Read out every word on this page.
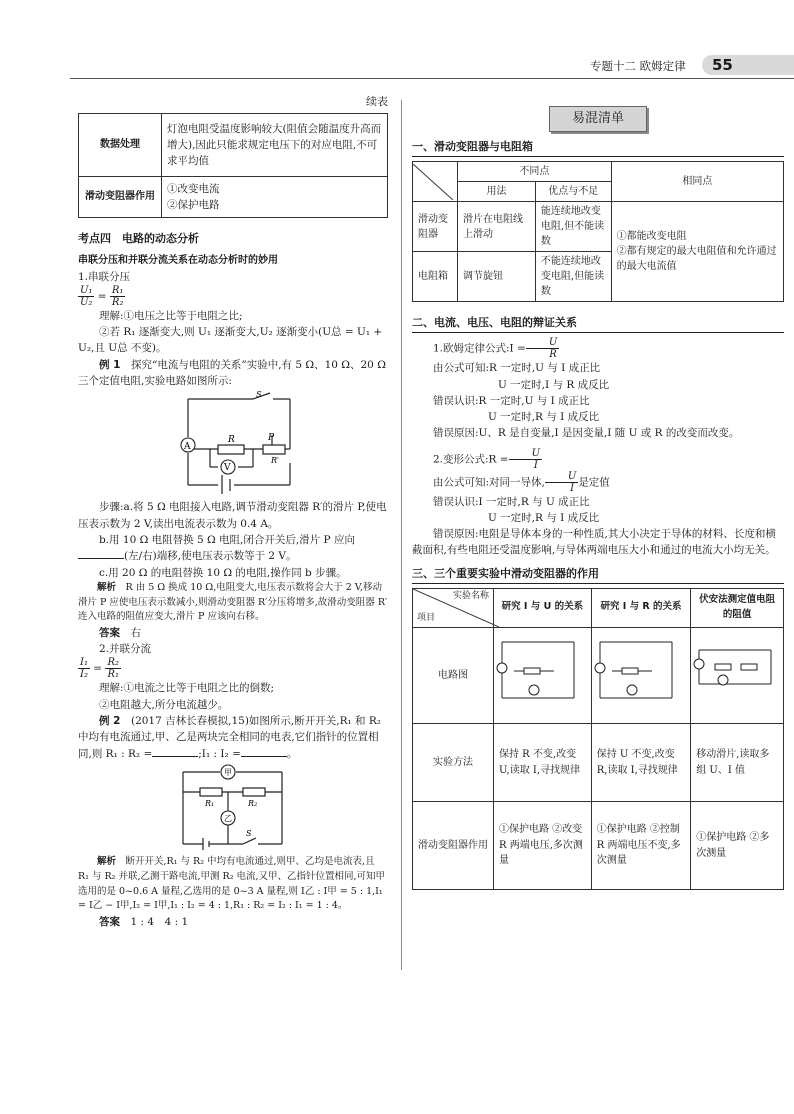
专题十二 欧姆定律	55

续表

数据处理	灯泡电阻受温度影响较大(阻值会随温度升高而增大),因此只能求规定电压下的对应电阻,不可求平均值
滑动变阻器作用	①改变电流
②保护电路

考点四　电路的动态分析

串联分压和并联分流关系在动态分析时的妙用

1.串联分压

$\frac{\text{U₁}}{\text{U₂}} = \frac{\text{R₁}}{\text{R₂}}$

理解:①电压之比等于电阻之比;

②若 R₁ 逐渐变大,则 U₁ 逐渐变大,U₂ 逐渐变小(U总 = U₁ + U₂,且 U总 不变)。

例 1　 探究“电流与电阻的关系”实验中,有 5 Ω、10 Ω、20 Ω 三个定值电阻,实验电路如图所示:

A
V
R	P
R′
S

步骤:a.将 5 Ω 电阻接入电路,调节滑动变阻器 R′的滑片 P,使电压表示数为 2 V,读出电流表示数为 0.4 A。

b.用 10 Ω 电阻替换 5 Ω 电阻,闭合开关后,滑片 P 应向

(左/右)端移,使电压表示数等于 2 V。

c.用 20 Ω 的电阻替换 10 Ω 的电阻,操作同 b 步骤。

解析　 R 由 5 Ω 换成 10 Ω,电阻变大,电压表示数将会大于 2 V,移动滑片 P 应使电压表示数减小,则滑动变阻器 R′分压将增多,故滑动变阻器 R′连入电路的阻值应变大,滑片 P 应该向右移。

答案　 右

2.并联分流

$\frac{\text{I₁}}{\text{I₂}} = \frac{\text{R₂}}{\text{R₁}}$

理解:①电流之比等于电阻之比的倒数;

②电阻越大,所分电流越少。

例 2　 (2017 吉林长春模拟,15)如图所示,断开开关,R₁ 和 R₂ 中均有电流通过,甲、乙是两块完全相同的电表,它们指针的位置相同,则 R₁ : R₂ =	;I₁ : I₂ =	。

甲
乙
R₁	R₂
S

解析　 断开开关,R₁ 与 R₂ 中均有电流通过,则甲、乙均是电流表,且 R₁ 与 R₂ 并联,乙测干路电流,甲测 R₂ 电流,又甲、乙指针位置相同,可知甲选用的是 0~0.6 A 量程,乙选用的是 0~3 A 量程,则 I乙 : I甲 = 5 : 1,I₁ = I乙 − I甲,I₂ = I甲,I₁ : I₂ = 4 : 1,R₁ : R₂ = I₂ : I₁ = 1 : 4。

答案　 1 : 4　4 : 1

易混清单

一、滑动变阻器与电阻箱

	不同点		相同点
	用法	优点与不足	
滑动变阻器	滑片在电阻线上滑动	能连续地改变电阻,但不能读数	①都能改变电阻
②都有规定的最大电阻值和允许通过的最大电流值

电阻箱	调节旋钮	不能连续地改变电阻,但能读数	

二、电流、电压、电阻的辩证关系

1.欧姆定律公式:I = $\frac{U}{R}$

由公式可知:R 一定时,U 与 I 成正比

U 一定时,I 与 R 成反比

错误认识:R 一定时,U 与 I 成正比

U 一定时,R 与 I 成反比

错误原因:U、R 是自变量,I 是因变量,I 随 U 或 R 的改变而改变。

2.变形公式:R = $\frac{U}{I}$

由公式可知:对同一导体, $\frac{U}{I}$ 是定值

错误认识:I 一定时,R 与 U 成正比

U 一定时,R 与 I 成反比

错误原因:电阻是导体本身的一种性质,其大小决定于导体的材料、长度和横截面积,有些电阻还受温度影响,与导体两端电压大小和通过的电流大小均无关。

三、三个重要实验中滑动变阻器的作用

实验名称
项目	研究 I 与 U 的关系	研究 I 与 R 的关系	伏安法测定值电阻的阻值
电路图			
实验方法	保持 R 不变,改变 U,读取 I,寻找规律	保持 U 不变,改变 R,读取 I,寻找规律	移动滑片,读取多组 U、I 值
滑动变阻器作用	①保护电路 ②改变 R 两端电压,多次测量	①保护电路 ②控制 R 两端电压不变,多次测量	①保护电路 ②多次测量
